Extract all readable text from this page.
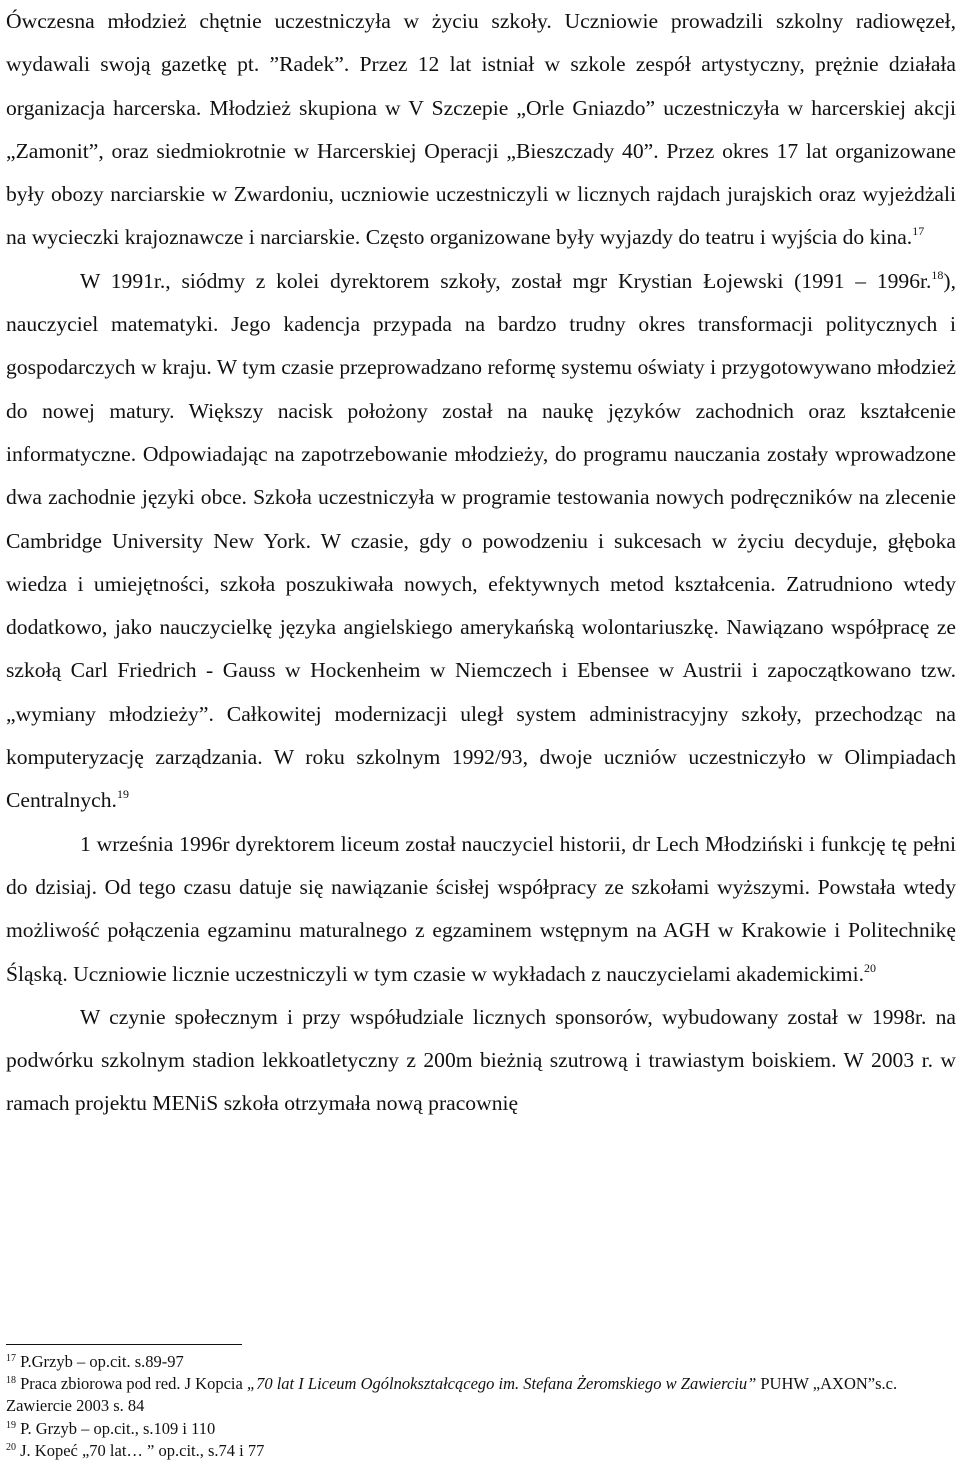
Ówczesna młodzież chętnie uczestniczyła w życiu szkoły. Uczniowie prowadzili szkolny radiowęzeł, wydawali swoją gazetkę pt. ”Radek”. Przez 12 lat istniał w szkole zespół artystyczny, prężnie działała organizacja harcerska. Młodzież skupiona w V Szczepie „Orle Gniazdo” uczestniczyła w harcerskiej akcji „Zamonit”, oraz siedmiokrotnie w Harcerskiej Operacji „Bieszczady 40”. Przez okres 17 lat organizowane były obozy narciarskie w Zwardoniu, uczniowie uczestniczyli w licznych rajdach jurajskich oraz wyjeżdżali na wycieczki krajoznawcze i narciarskie. Często organizowane były wyjazdy do teatru i wyjścia do kina.$^{17}$

W 1991r., siódmy z kolei dyrektorem szkoły, został mgr Krystian Łojewski (1991 – 1996r.$^{18}$), nauczyciel matematyki. Jego kadencja przypada na bardzo trudny okres transformacji politycznych i gospodarczych w kraju. W tym czasie przeprowadzano reformę systemu oświaty i przygotowywano młodzież do nowej matury. Większy nacisk położony został na naukę języków zachodnich oraz kształcenie informatyczne. Odpowiadając na zapotrzebowanie młodzieży, do programu nauczania zostały wprowadzone dwa zachodnie języki obce. Szkoła uczestniczyła w programie testowania nowych podręczników na zlecenie Cambridge University New York. W czasie, gdy o powodzeniu i sukcesach w życiu decyduje, głęboka wiedza i umiejętności, szkoła poszukiwała nowych, efektywnych metod kształcenia. Zatrudniono wtedy dodatkowo, jako nauczycielkę języka angielskiego amerykańską wolontariuszkę. Nawiązano współpracę ze szkołą Carl Friedrich - Gauss w Hockenheim w Niemczech i Ebensee w Austrii i zapoczątkowano tzw. „wymiany młodzieży”. Całkowitej modernizacji uległ system administracyjny szkoły, przechodząc na komputeryzację zarządzania. W roku szkolnym 1992/93, dwoje uczniów uczestniczyło w Olimpiadach Centralnych.$^{19}$

1 września 1996r dyrektorem liceum został nauczyciel historii, dr Lech Młodziński i funkcję tę pełni do dzisiaj. Od tego czasu datuje się nawiązanie ścisłej współpracy ze szkołami wyższymi. Powstała wtedy możliwość połączenia egzaminu maturalnego z egzaminem wstępnym na AGH w Krakowie i Politechnikę Śląską. Uczniowie licznie uczestniczyli w tym czasie w wykładach z nauczycielami akademickimi.$^{20}$

W czynie społecznym i przy współudziale licznych sponsorów, wybudowany został w 1998r. na podwórku szkolnym stadion lekkoatletyczny z 200m bieżnią szutrową i trawiastym boiskiem. W 2003 r. w ramach projektu MENiS szkoła otrzymała nową pracownię

$^{17}$ P.Grzyb – op.cit. s.89-97

$^{18}$ Praca zbiorowa pod red. J Kopcia „70 lat I Liceum Ogólnokształcącego im. Stefana Żeromskiego w Zawierciu” PUHW „AXON”s.c. Zawiercie 2003 s. 84

$^{19}$ P. Grzyb – op.cit., s.109 i 110

$^{20}$ J. Kopeć „70 lat… ” op.cit., s.74 i 77
